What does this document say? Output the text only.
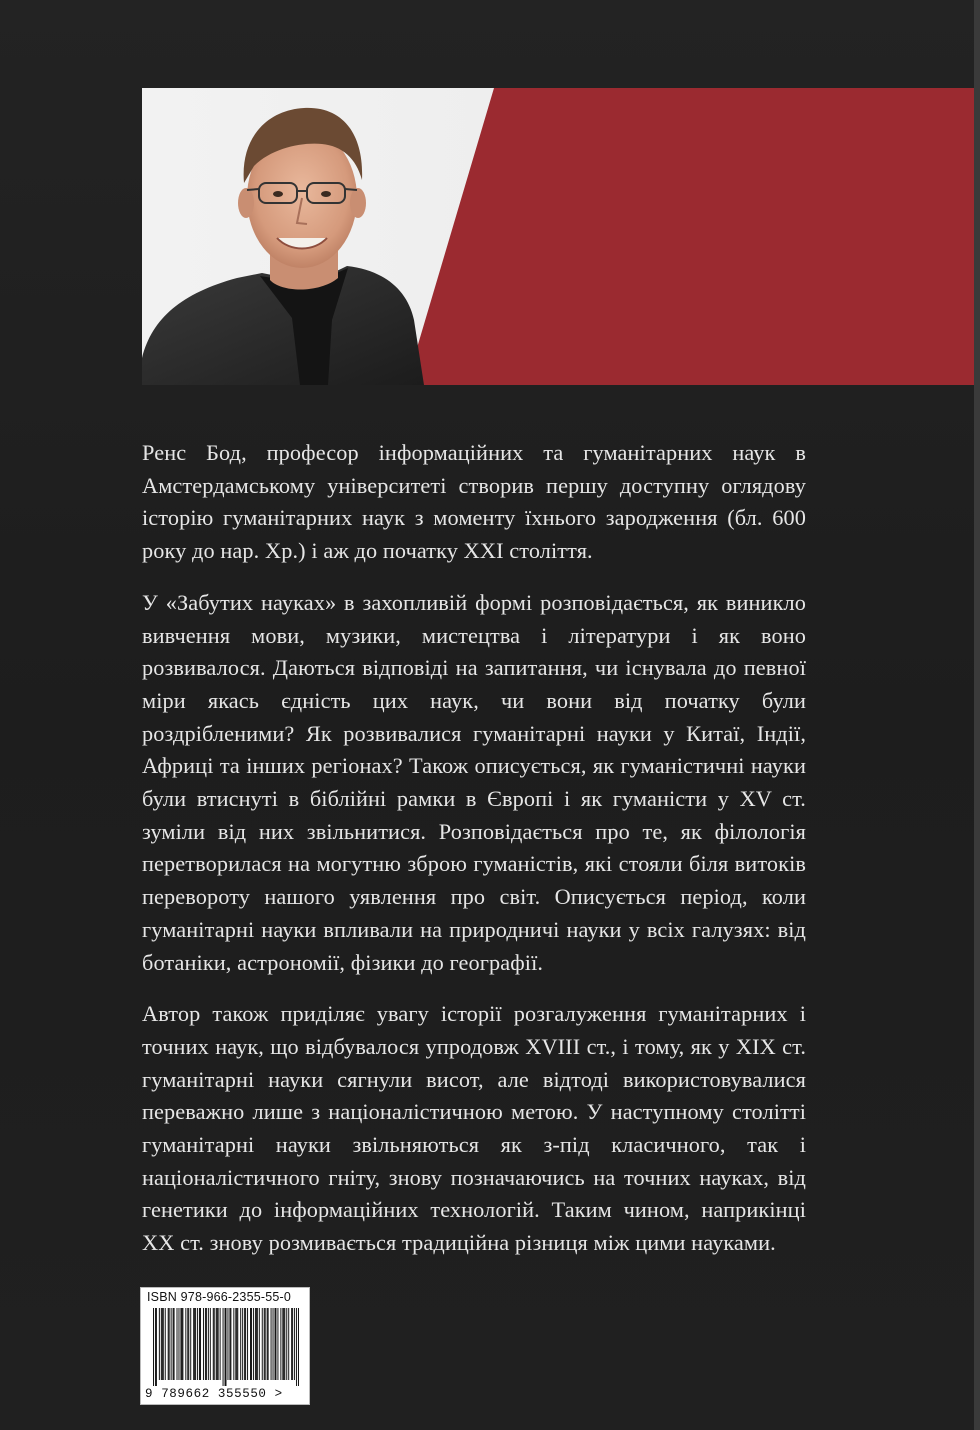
Ренс Бод, професор інформаційних та гуманітарних наук в Амстердамському університеті створив першу доступну оглядову історію гуманітарних наук з моменту їхнього зародження (бл. 600 року до нар. Хр.) і аж до початку XXI століття.

У «Забутих науках» в захопливій формі розповідається, як виникло вивчення мови, музики, мистецтва і літератури і як воно розвивалося. Даються відповіді на запитання, чи існувала до певної міри якась єдність цих наук, чи вони від початку були роздрібленими? Як розвивалися гуманітарні науки у Китаї, Індії, Африці та інших регіонах? Також описується, як гуманістичні науки були втиснуті в біблійні рамки в Європі і як гуманісти у XV ст. зуміли від них звільнитися. Розповідається про те, як філологія перетворилася на могутню зброю гуманістів, які стояли біля витоків перевороту нашого уявлення про світ. Описується період, коли гуманітарні науки впливали на природничі науки у всіх галузях: від ботаніки, астрономії, фізики до географії.

Автор також приділяє увагу історії розгалуження гуманітарних і точних наук, що відбувалося упродовж XVIII ст., і тому, як у XIX ст. гуманітарні науки сягнули висот, але відтоді використовувалися переважно лише з націоналістичною метою. У наступному столітті гуманітарні науки звільняються як з-під класичного, так і націоналістичного гніту, знову позначаючись на точних науках, від генетики до інформаційних технологій. Таким чином, наприкінці XX ст. знову розмивається традиційна різниця між цими науками.

ISBN 978-966-2355-55-0
9 789662 355550 >
